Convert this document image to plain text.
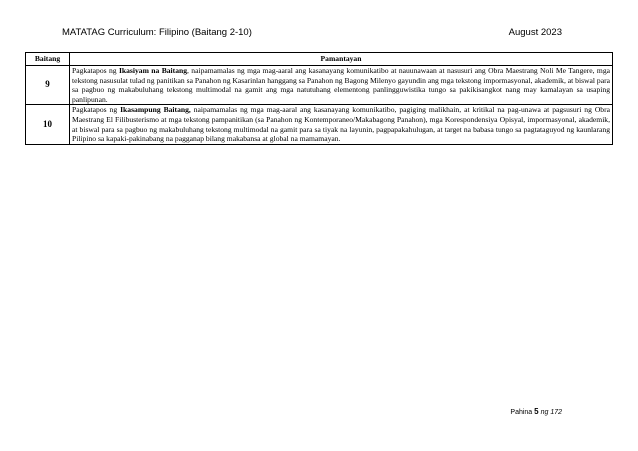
MATATAG Curriculum: Filipino (Baitang 2-10)	August 2023
Baitang	Pamantayan
9	Pagkatapos ng Ikasiyam na Baitang, naipamamalas ng mga mag-aaral ang kasanayang komunikatibo at nauunawaan at nasusuri ang Obra Maestrang Noli Me Tangere, mga tekstong nasusulat tulad ng panitikan sa Panahon ng Kasarinlan hanggang sa Panahon ng Bagong Milenyo gayundin ang mga tekstong impormasyonal, akademik, at biswal para sa pagbuo ng makabuluhang tekstong multimodal na gamit ang mga natutuhang elementong panlingguwistika tungo sa pakikisangkot nang may kamalayan sa usaping panlipunan.
10	Pagkatapos ng Ikasampung Baitang, naipamamalas ng mga mag-aaral ang kasanayang komunikatibo, pagiging malikhain, at kritikal na pag-unawa at pagsusuri ng Obra Maestrang El Filibusterismo at mga tekstong pampanitikan (sa Panahon ng Kontemporaneo/Makabagong Panahon), mga Korespondensiya Opisyal, impormasyonal, akademik, at biswal para sa pagbuo ng makabuluhang tekstong multimodal na gamit para sa tiyak na layunin, pagpapakahulugan, at target na babasa tungo sa pagtataguyod ng kaunlarang Pilipino sa kapaki-pakinabang na pagganap bilang makabansa at global na mamamayan.
Pahina 5 ng 172
